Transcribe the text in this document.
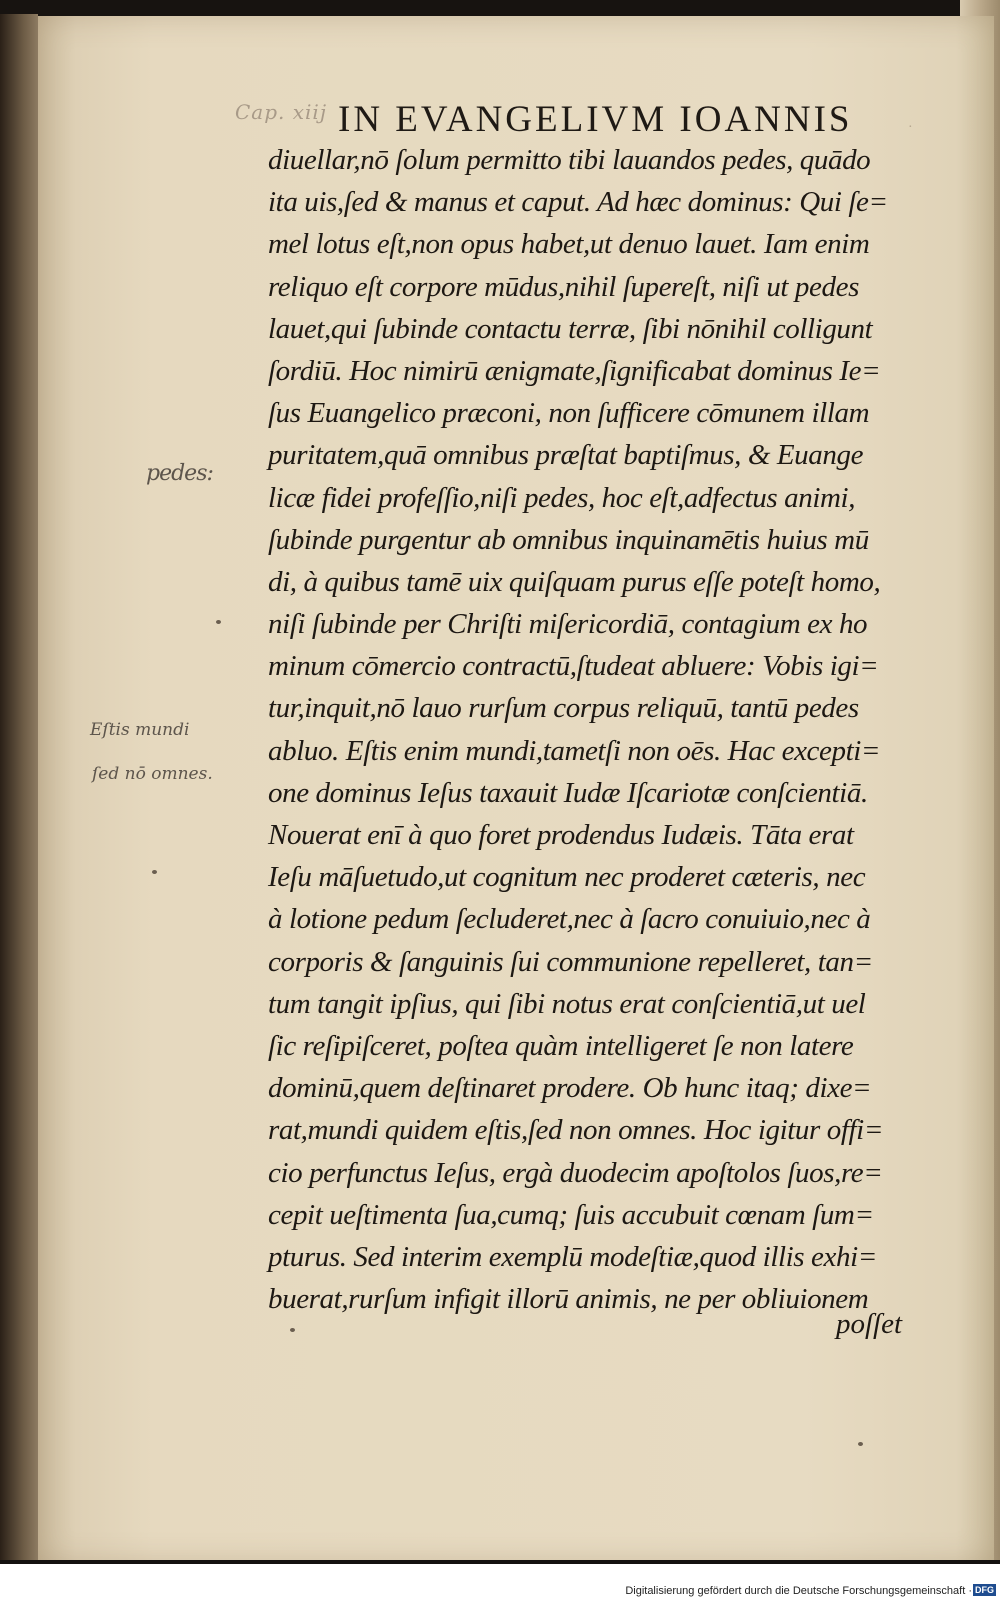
Cap. xiij IN EVANGELIVM IOANNIS	·
diuellar,nō ſolum permitto tibi lauandos pedes, quādo
ita uis,ſed & manus et caput. Ad hæc dominus: Qui ſe=
mel lotus eſt,non opus habet,ut denuo lauet. Iam enim
reliquo eſt corpore mūdus,nihil ſupereſt, niſi ut pedes
lauet,qui ſubinde contactu terræ, ſibi nōnihil colligunt
ſordiū. Hoc nimirū ænigmate,ſignificabat dominus Ie=
ſus Euangelico præconi, non ſufficere cōmunem illam
puritatem,quā omnibus præſtat baptiſmus, & Euange
licæ fidei profeſſio,niſi pedes, hoc eſt,adfectus animi,
ſubinde purgentur ab omnibus inquinamētis huius mū
di, à quibus tamē uix quiſquam purus eſſe poteſt homo,
niſi ſubinde per Chriſti miſericordiā, contagium ex ho
minum cōmercio contractū,ſtudeat abluere: Vobis igi=
tur,inquit,nō lauo rurſum corpus reliquū, tantū pedes
abluo. Eſtis enim mundi,tametſi non oēs. Hac excepti=
one dominus Ieſus taxauit Iudæ Iſcariotæ conſcientiā.
Nouerat enī à quo foret prodendus Iudæis. Tāta erat
Ieſu māſuetudo,ut cognitum nec proderet cæteris, nec
à lotione pedum ſecluderet,nec à ſacro conuiuio,nec à
corporis & ſanguinis ſui communione repelleret, tan=
tum tangit ipſius, qui ſibi notus erat conſcientiā,ut uel
ſic reſipiſceret, poſtea quàm intelligeret ſe non latere
dominū,quem deſtinaret prodere. Ob hunc itaq; dixe=
rat,mundi quidem eſtis,ſed non omnes. Hoc igitur offi=
cio perfunctus Ieſus, ergà duodecim apoſtolos ſuos,re=
cepit ueſtimenta ſua,cumq; ſuis accubuit cœnam ſum=
pturus. Sed interim exemplū modeſtiæ,quod illis exhi=
buerat,rurſum infigit illorū animis, ne per obliuionem
poſſet
pedes:
Eſtis mundi
ſed nō omnes.
Digitalisierung gefördert durch die Deutsche Forschungsgemeinschaft · DFG
